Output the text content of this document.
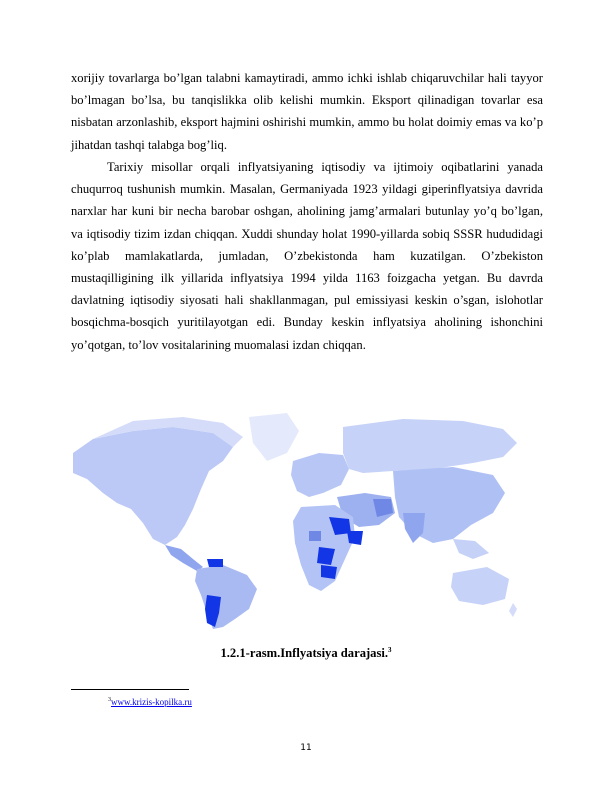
xorijiy tovarlarga bo’lgan talabni kamaytiradi, ammo ichki ishlab chiqaruvchilar hali tayyor bo’lmagan bo’lsa, bu tanqislikka olib kelishi mumkin. Eksport qilinadigan tovarlar esa nisbatan arzonlashib, eksport hajmini oshirishi mumkin, ammo bu holat doimiy emas va ko’p jihatdan tashqi talabga bog’liq.

Tarixiy misollar orqali inflyatsiyaning iqtisodiy va ijtimoiy oqibatlarini yanada chuqurroq tushunish mumkin. Masalan, Germaniyada 1923 yildagi giperinflyatsiya davrida narxlar har kuni bir necha barobar oshgan, aholining jamg’armalari butunlay yo’q bo’lgan, va iqtisodiy tizim izdan chiqqan. Xuddi shunday holat 1990-yillarda sobiq SSSR hududidagi ko’plab mamlakatlarda, jumladan, O’zbekistonda ham kuzatilgan. O’zbekiston mustaqilligining ilk yillarida inflyatsiya 1994 yilda 1163 foizgacha yetgan. Bu davrda davlatning iqtisodiy siyosati hali shakllanmagan, pul emissiyasi keskin o’sgan, islohotlar bosqichma-bosqich yuritilayotgan edi. Bunday keskin inflyatsiya aholining ishonchini yo’qotgan, to’lov vositalarining muomalasi izdan chiqqan.

1.2.1-rasm.Inflyatsiya darajasi.$^3$
$^3$www.krizis-kopilka.ru
11
